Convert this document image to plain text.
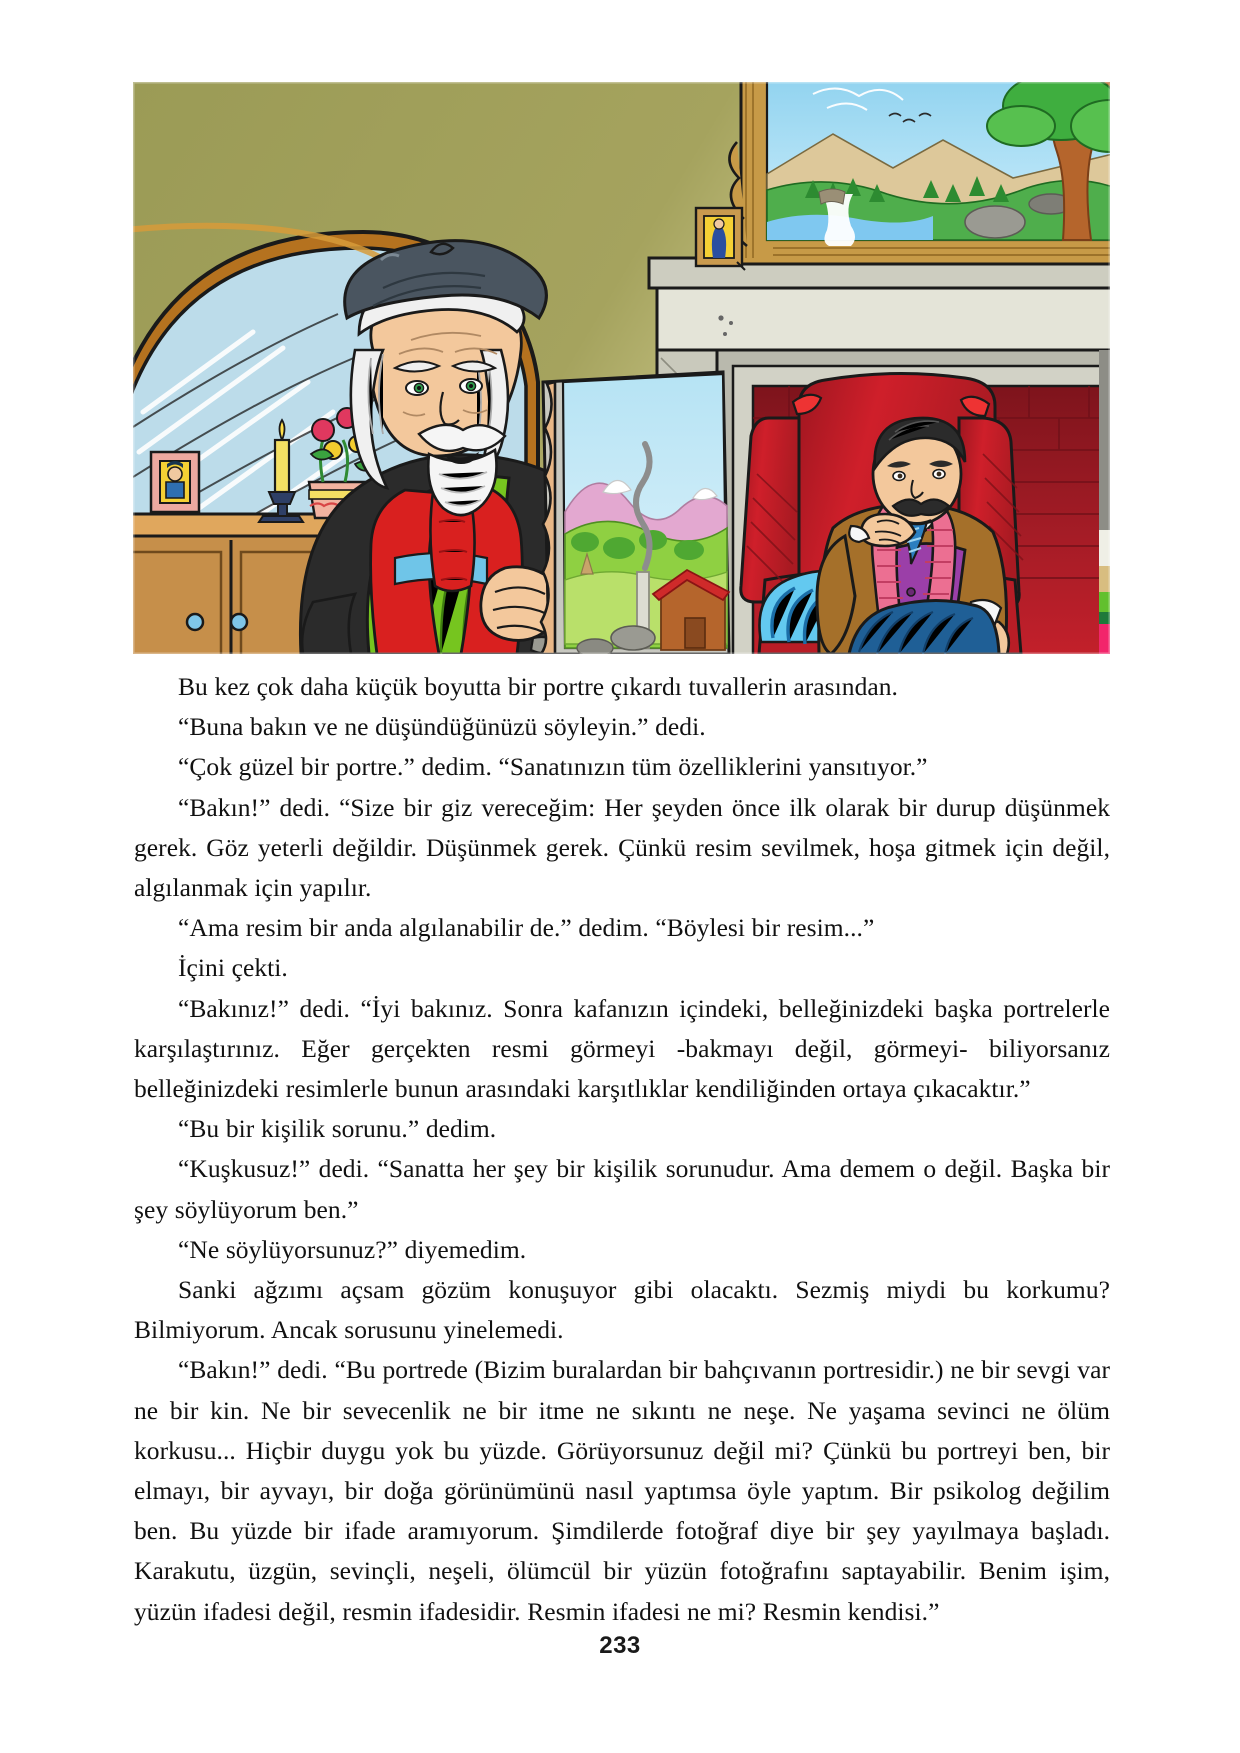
Bu kez çok daha küçük boyutta bir portre çıkardı tuvallerin arasından.

“Buna bakın ve ne düşündüğünüzü söyleyin.” dedi.

“Çok güzel bir portre.” dedim. “Sanatınızın tüm özelliklerini yansıtıyor.”

“Bakın!” dedi. “Size bir giz vereceğim: Her şeyden önce ilk olarak bir durup düşünmek gerek. Göz yeterli değildir. Düşünmek gerek. Çünkü resim sevilmek, hoşa gitmek için değil, algılanmak için yapılır.

“Ama resim bir anda algılanabilir de.” dedim. “Böylesi bir resim...”

İçini çekti.

“Bakınız!” dedi. “İyi bakınız. Sonra kafanızın içindeki, belleğinizdeki başka portrelerle karşılaştırınız. Eğer gerçekten resmi görmeyi -bakmayı değil, görmeyi- biliyorsanız belleğinizdeki resimlerle bunun arasındaki karşıtlıklar kendiliğinden ortaya çıkacaktır.”

“Bu bir kişilik sorunu.” dedim.

“Kuşkusuz!” dedi. “Sanatta her şey bir kişilik sorunudur. Ama demem o değil. Başka bir şey söylüyorum ben.”

“Ne söylüyorsunuz?” diyemedim.

Sanki ağzımı açsam gözüm konuşuyor gibi olacaktı. Sezmiş miydi bu korkumu? Bilmiyorum. Ancak sorusunu yinelemedi.

“Bakın!” dedi. “Bu portrede (Bizim buralardan bir bahçıvanın portresidir.) ne bir sevgi var ne bir kin. Ne bir sevecenlik ne bir itme ne sıkıntı ne neşe. Ne yaşama sevinci ne ölüm korkusu... Hiçbir duygu yok bu yüzde. Görüyorsunuz değil mi? Çünkü bu portreyi ben, bir elmayı, bir ayvayı, bir doğa görünümünü nasıl yaptımsa öyle yaptım. Bir psikolog değilim ben. Bu yüzde bir ifade aramıyorum. Şimdilerde fotoğraf diye bir şey yayılmaya başladı. Karakutu, üzgün, sevinçli, neşeli, ölümcül bir yüzün fotoğrafını saptayabilir. Benim işim, yüzün ifadesi değil, resmin ifadesidir. Resmin ifadesi ne mi? Resmin kendisi.”

233
